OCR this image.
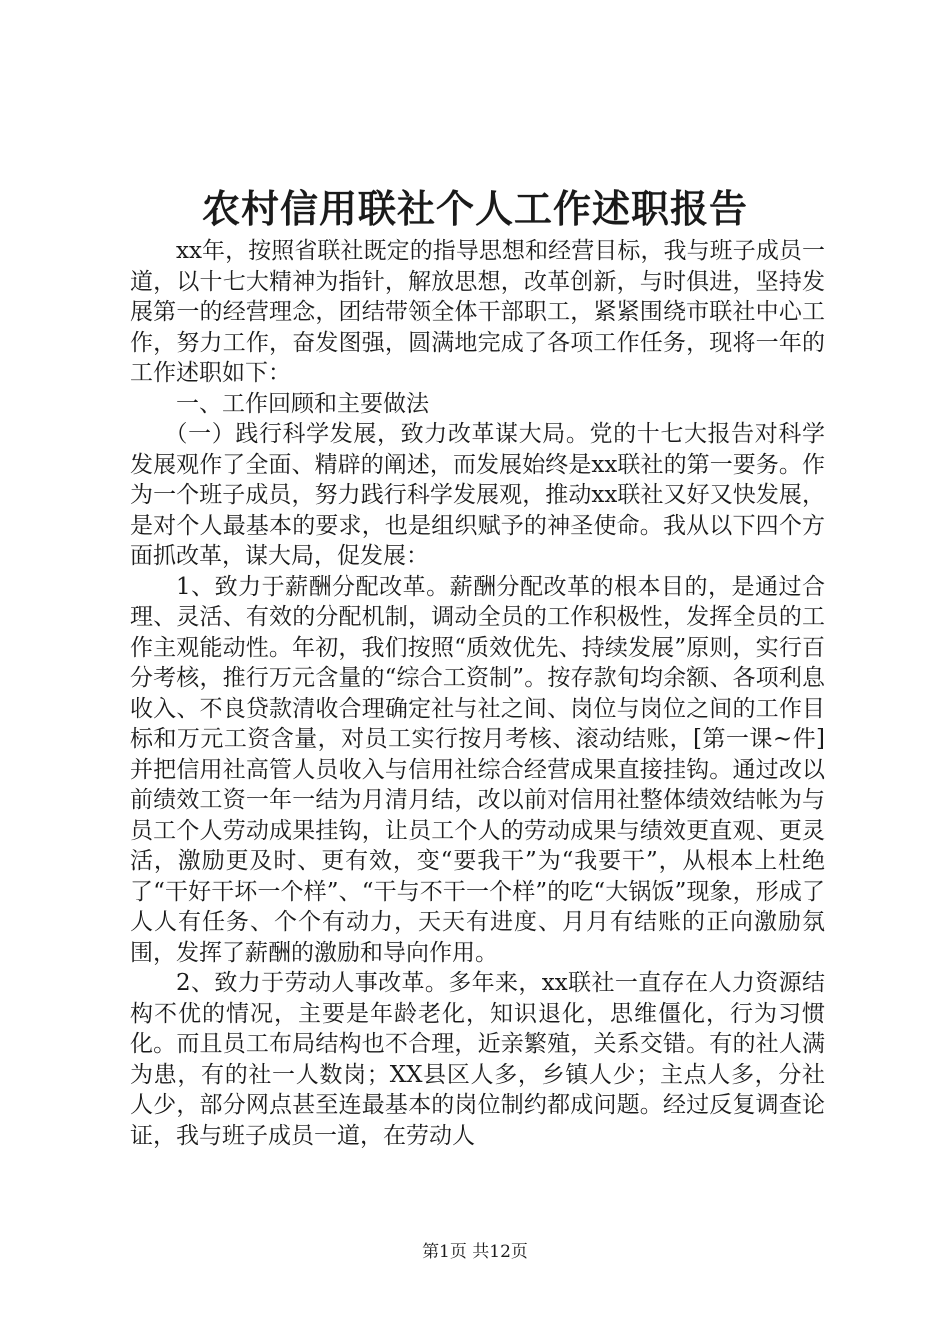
农村信用联社个人工作述职报告

xx年，按照省联社既定的指导思想和经营目标，我与班子成员一道，以十七大精神为指针，解放思想，改革创新，与时俱进，坚持发展第一的经营理念，团结带领全体干部职工，紧紧围绕市联社中心工作，努力工作，奋发图强，圆满地完成了各项工作任务，现将一年的工作述职如下：

一、工作回顾和主要做法

（一）践行科学发展，致力改革谋大局。党的十七大报告对科学发展观作了全面、精辟的阐述，而发展始终是xx联社的第一要务。作为一个班子成员，努力践行科学发展观，推动xx联社又好又快发展，是对个人最基本的要求，也是组织赋予的神圣使命。我从以下四个方面抓改革，谋大局，促发展：

1、致力于薪酬分配改革。薪酬分配改革的根本目的，是通过合理、灵活、有效的分配机制，调动全员的工作积极性，发挥全员的工作主观能动性。年初，我们按照“质效优先、持续发展”原则，实行百分考核，推行万元含量的“综合工资制”。按存款旬均余额、各项利息收入、不良贷款清收合理确定社与社之间、岗位与岗位之间的工作目标和万元工资含量，对员工实行按月考核、滚动结账，[第一课~件]并把信用社高管人员收入与信用社综合经营成果直接挂钩。通过改以前绩效工资一年一结为月清月结，改以前对信用社整体绩效结帐为与员工个人劳动成果挂钩，让员工个人的劳动成果与绩效更直观、更灵活，激励更及时、更有效，变“要我干”为“我要干”，从根本上杜绝了“干好干坏一个样”、“干与不干一个样”的吃“大锅饭”现象，形成了人人有任务、个个有动力，天天有进度、月月有结账的正向激励氛围，发挥了薪酬的激励和导向作用。

2、致力于劳动人事改革。多年来，xx联社一直存在人力资源结构不优的情况，主要是年龄老化，知识退化，思维僵化，行为习惯化。而且员工布局结构也不合理，近亲繁殖，关系交错。有的社人满为患，有的社一人数岗；XX县区人多，乡镇人少；主点人多，分社人少，部分网点甚至连最基本的岗位制约都成问题。经过反复调查论证，我与班子成员一道，在劳动人

第1页 共12页
